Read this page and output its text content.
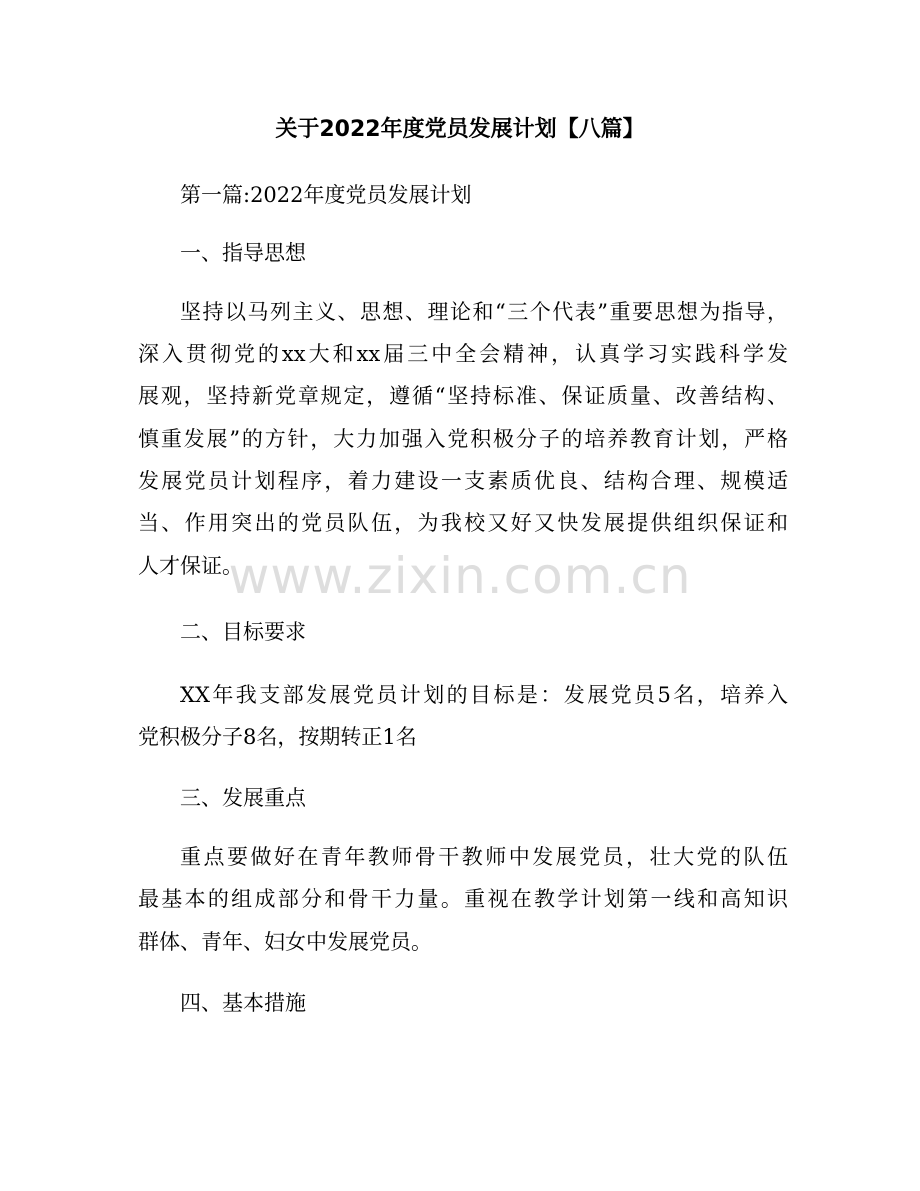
关于2022年度党员发展计划【八篇】

第一篇:2022年度党员发展计划

一、指导思想

坚持以马列主义、思想、理论和“三个代表”重要思想为指导，

深入贯彻党的xx大和xx届三中全会精神，认真学习实践科学发

展观，坚持新党章规定，遵循“坚持标准、保证质量、改善结构、

慎重发展”的方针，大力加强入党积极分子的培养教育计划，严格

发展党员计划程序，着力建设一支素质优良、结构合理、规模适

当、作用突出的党员队伍，为我校又好又快发展提供组织保证和

人才保证。

二、目标要求

XX年我支部发展党员计划的目标是：发展党员5名，培养入

党积极分子8名，按期转正1名

三、发展重点

重点要做好在青年教师骨干教师中发展党员，壮大党的队伍

最基本的组成部分和骨干力量。重视在教学计划第一线和高知识

群体、青年、妇女中发展党员。

四、基本措施

www.zixin.com.cn
